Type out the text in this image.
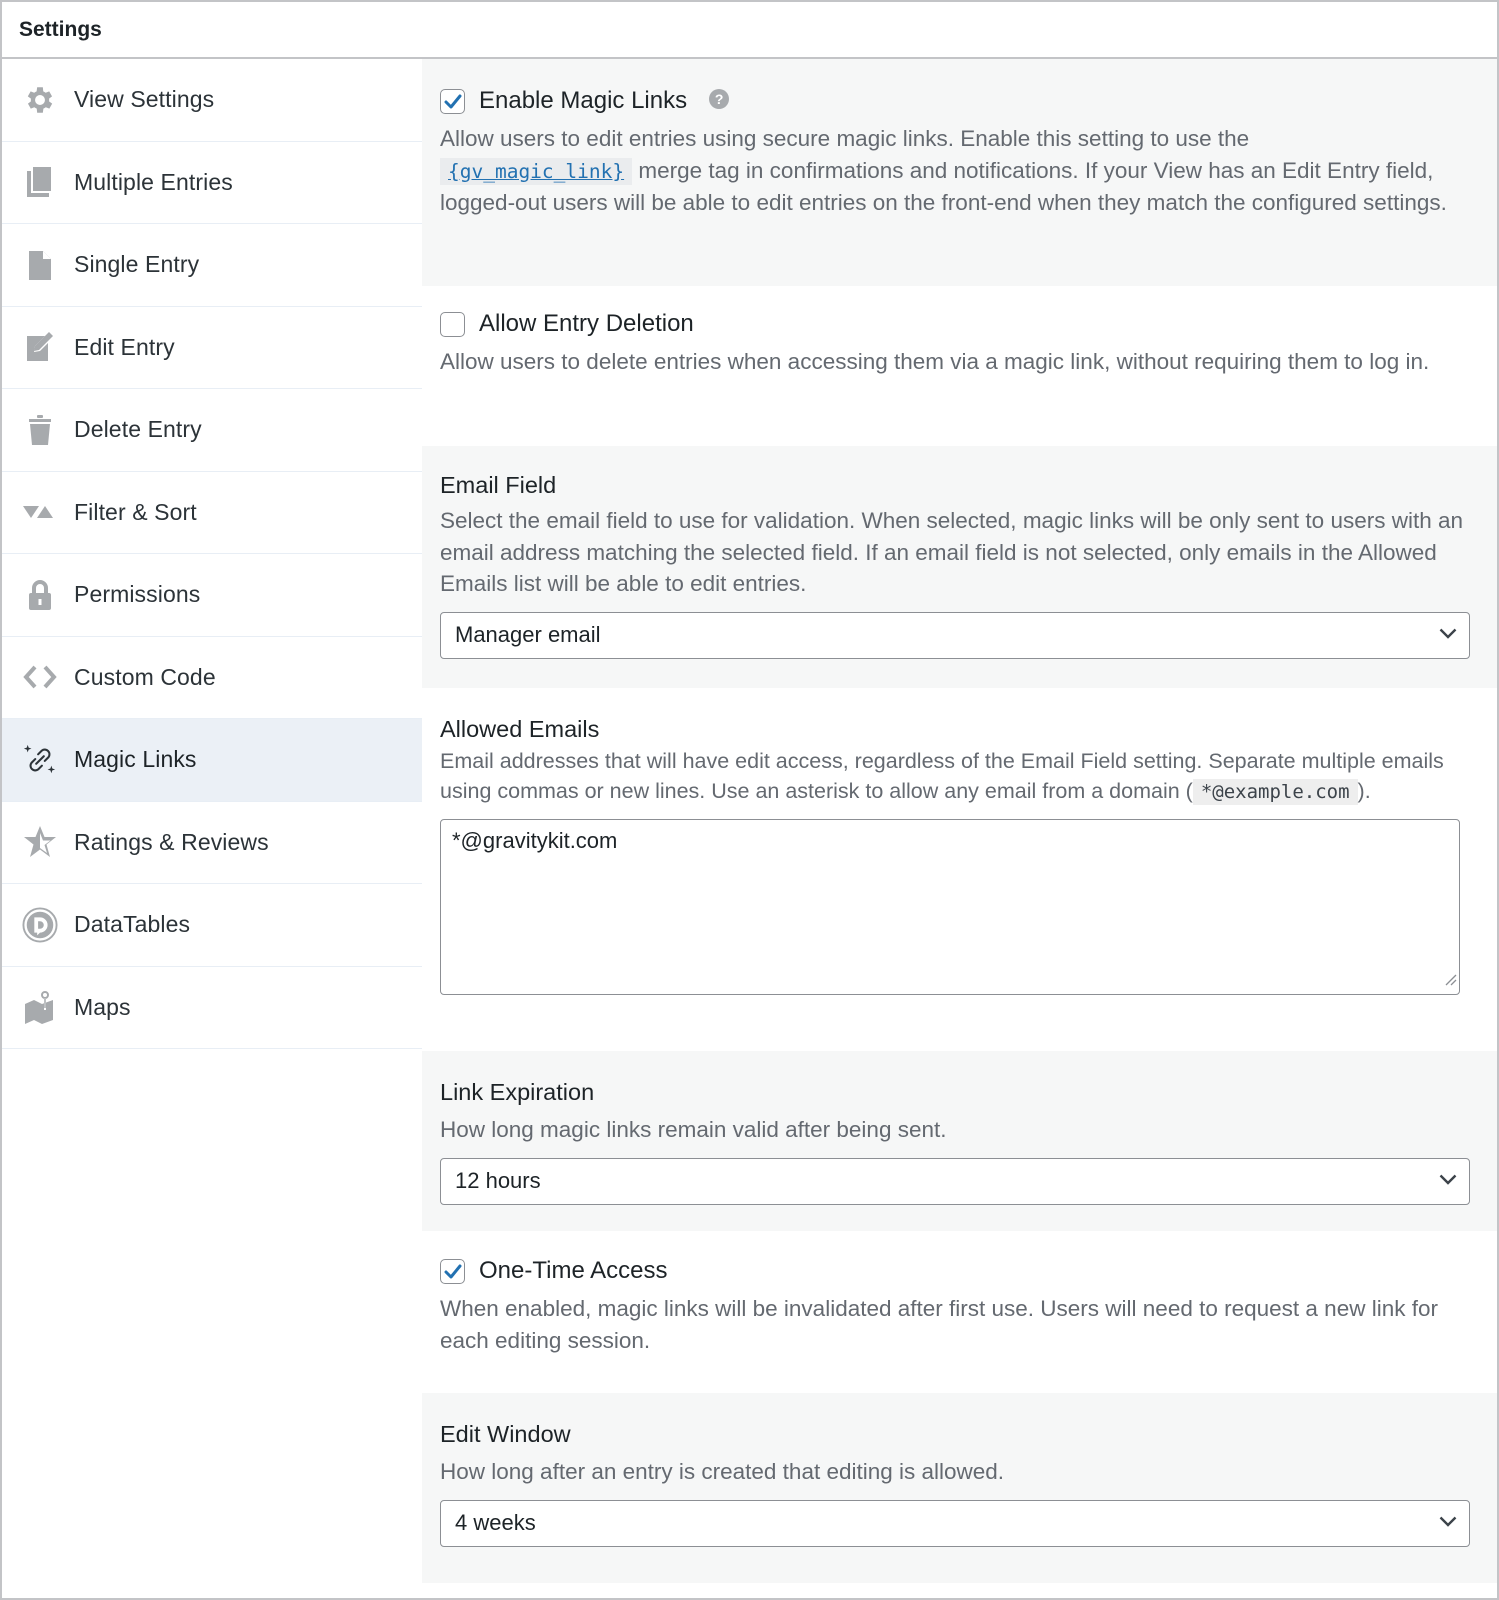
Settings
View Settings
Multiple Entries
Single Entry
Edit Entry
Delete Entry
Filter & Sort
Permissions
Custom Code
Magic Links
Ratings & Reviews
DataTables
Maps
Enable Magic Links	?

Allow users to edit entries using secure magic links. Enable this setting to use the
{gv_magic_link} merge tag in confirmations and notifications. If your View has an Edit Entry field, logged-out users will be able to edit entries on the front-end when they match the configured settings.

Allow Entry Deletion

Allow users to delete entries when accessing them via a magic link, without requiring them to log in.

Email Field

Select the email field to use for validation. When selected, magic links will be only sent to users with an email address matching the selected field. If an email field is not selected, only emails in the Allowed Emails list will be able to edit entries.

Manager email
Allowed Emails

Email addresses that will have edit access, regardless of the Email Field setting. Separate multiple emails using commas or new lines. Use an asterisk to allow any email from a domain ( *@example.com ).

*@gravitykit.com
Link Expiration

How long magic links remain valid after being sent.

12 hours
One-Time Access

When enabled, magic links will be invalidated after first use. Users will need to request a new link for each editing session.

Edit Window

How long after an entry is created that editing is allowed.

4 weeks
